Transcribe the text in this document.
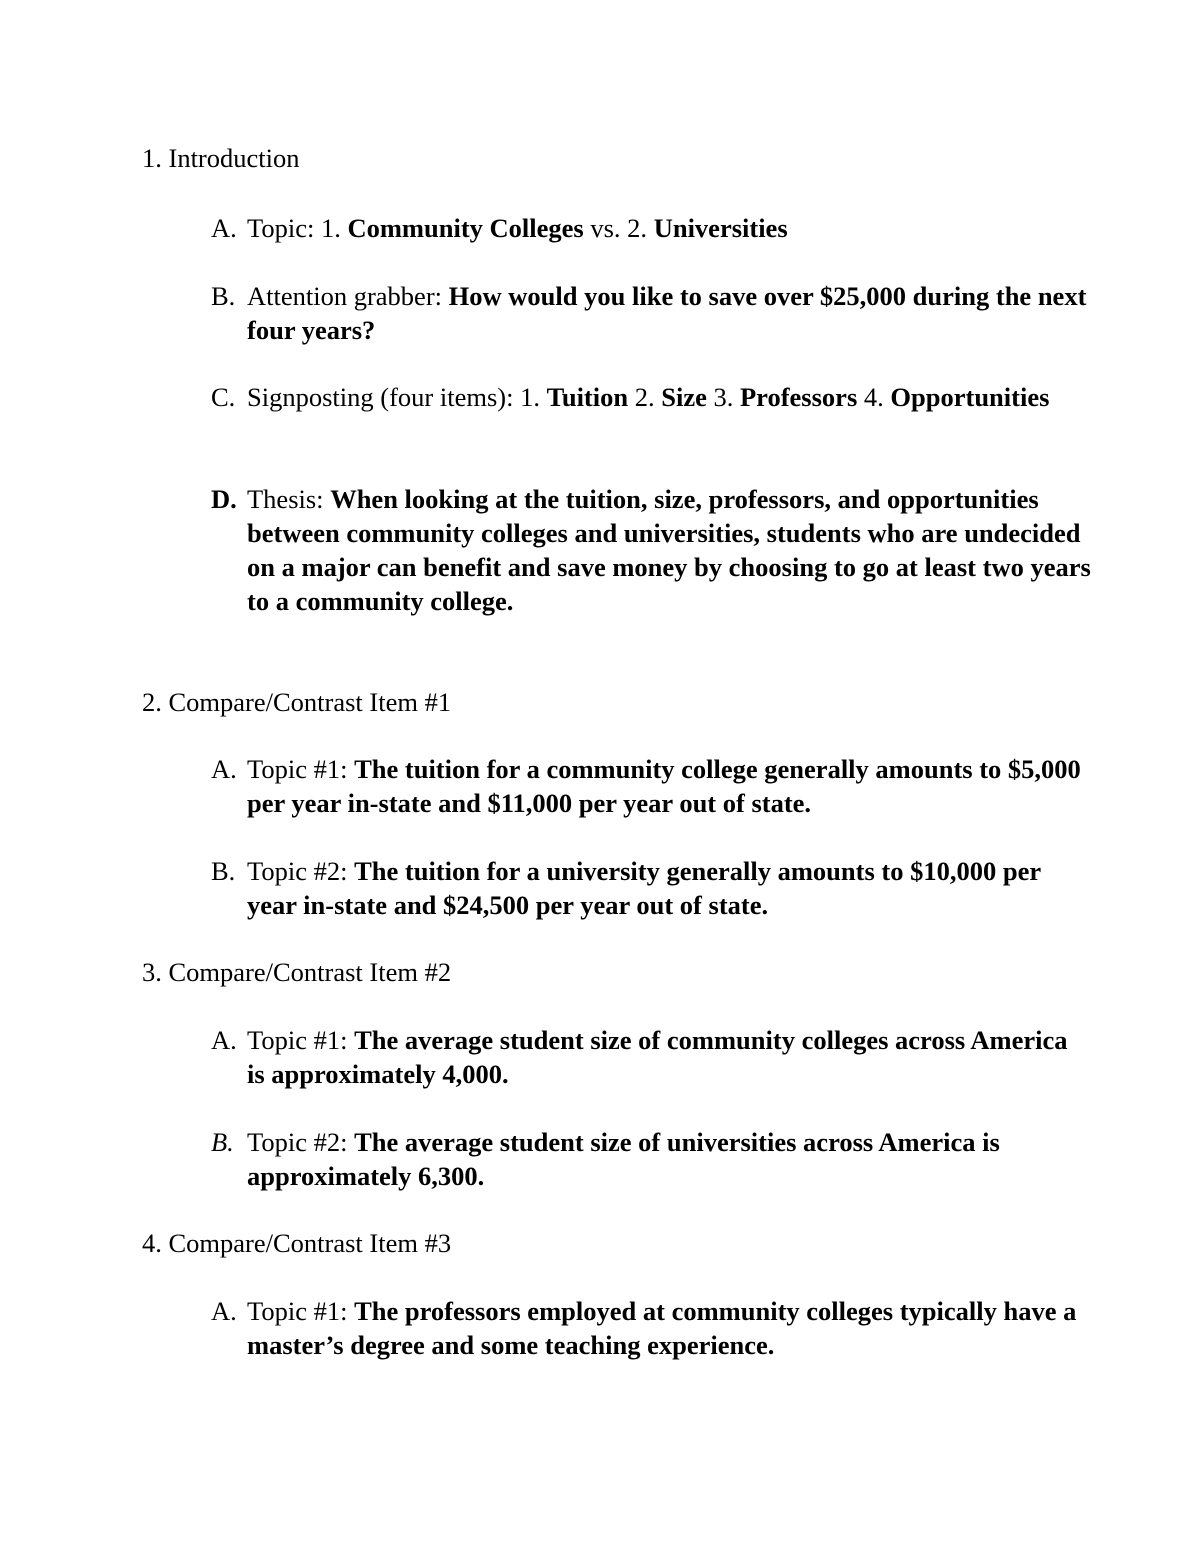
1. Introduction
A. Topic: 1. Community Colleges vs. 2. Universities
B. Attention grabber: How would you like to save over $25,000 during the next four years?
C. Signposting (four items): 1. Tuition 2. Size 3. Professors 4. Opportunities
D. Thesis: When looking at the tuition, size, professors, and opportunities between community colleges and universities, students who are undecided on a major can benefit and save money by choosing to go at least two years to a community college.
2. Compare/Contrast Item #1
A. Topic #1: The tuition for a community college generally amounts to $5,000 per year in-state and $11,000 per year out of state.
B. Topic #2: The tuition for a university generally amounts to $10,000 per year in-state and $24,500 per year out of state.
3. Compare/Contrast Item #2
A. Topic #1: The average student size of community colleges across America is approximately 4,000.
B. Topic #2: The average student size of universities across America is approximately 6,300.
4. Compare/Contrast Item #3
A. Topic #1: The professors employed at community colleges typically have a master’s degree and some teaching experience.
